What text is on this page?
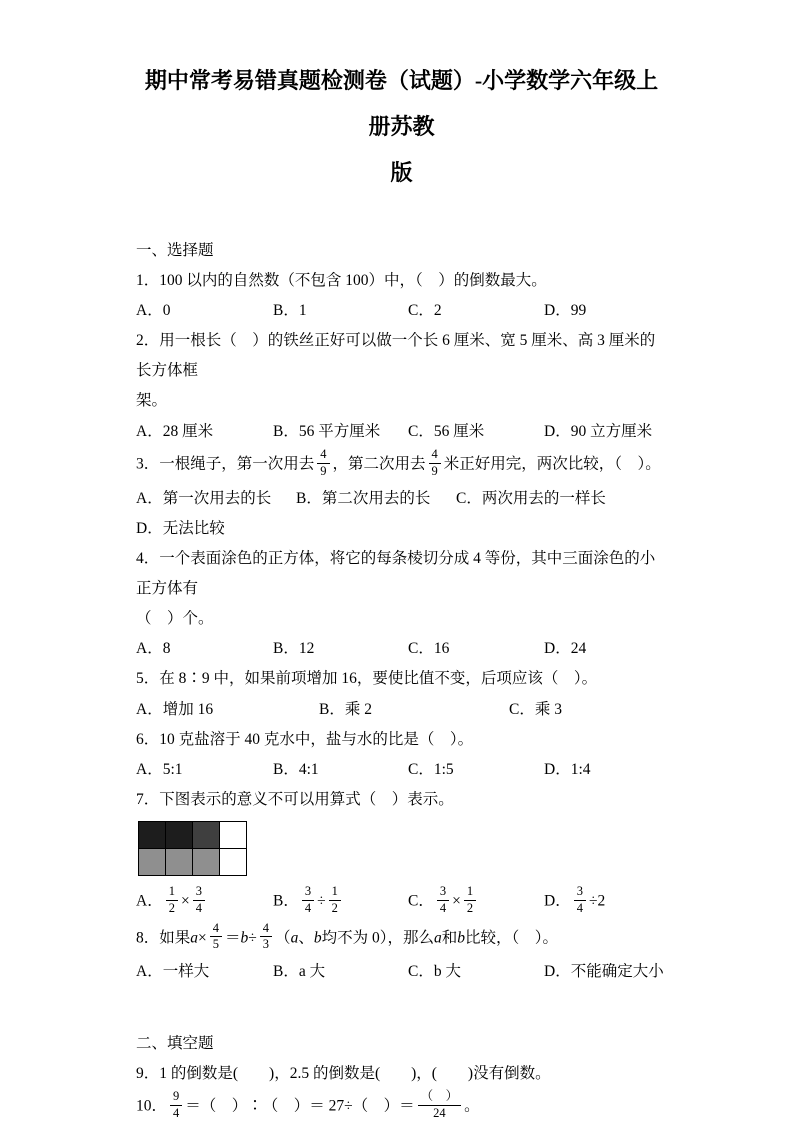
期中常考易错真题检测卷（试题）-小学数学六年级上册苏教
版

一、选择题

1．100 以内的自然数（不包含 100）中，（　）的倒数最大。

A．0	B．1	C．2	D．99

2．用一根长（　）的铁丝正好可以做一个长 6 厘米、宽 5 厘米、高 3 厘米的长方体框

架。

A．28 厘米	B．56 平方厘米 C．56 厘米	D．90 立方厘米

3．一根绳子，第一次用去 $\frac{4}{9}$ ，第二次用去 $\frac{4}{9}$ 米正好用完，两次比较，（　）。

A．第一次用去的长 B．第二次用去的长 C．两次用去的一样长D．无法比较

4．一个表面涂色的正方体，将它的每条棱切分成 4 等份，其中三面涂色的小正方体有

（　）个。

A．8	B．12	C．16	D．24

5．在 8∶9 中，如果前项增加 16，要使比值不变，后项应该（　）。

A．增加 16	B．乘 2	C．乘 3

6．10 克盐溶于 40 克水中，盐与水的比是（　）。

A．5:1	B．4:1	C．1:5	D．1:4

7．下图表示的意义不可以用算式（　）表示。

A． $\frac{1}{2} \times \frac{3}{4}$	B． $\frac{3}{4} \div \frac{1}{2}$	C． $\frac{3}{4} \times \frac{1}{2}$	D． $\frac{3}{4} \div 2$

8．如果$a\times \frac{4}{5} =b\div \frac{4}{3} (a$、b均不为 0），那么a和b比较，（　）。

A．一样大	B．a 大	C．b 大	D．不能确定大小

二、填空题

9．1 的倒数是(　　)，2.5 的倒数是(　　)，(　　)没有倒数。

10． $\frac{9}{4}$ ＝（　）∶（　）＝ 27÷（　）＝ $\frac{( )}{24}$ 。
